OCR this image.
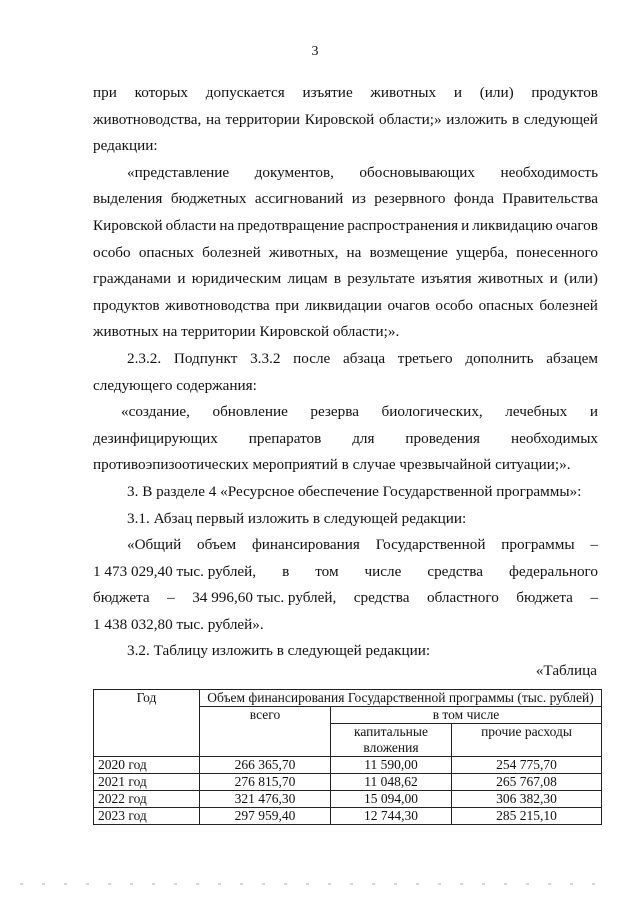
3
при которых допускается изъятие животных и (или) продуктов
животноводства, на территории Кировской области;» изложить в следующей
редакции:
«представление документов, обосновывающих необходимость
выделения бюджетных ассигнований из резервного фонда Правительства
Кировской области на предотвращение распространения и ликвидацию очагов
особо опасных болезней животных, на возмещение ущерба, понесенного
гражданами и юридическим лицам в результате изъятия животных и (или)
продуктов животноводства при ликвидации очагов особо опасных болезней
животных на территории Кировской области;».
2.3.2. Подпункт 3.3.2 после абзаца третьего дополнить абзацем
следующего содержания:
«создание, обновление резерва биологических, лечебных и
дезинфицирующих препаратов для проведения необходимых
противоэпизоотических мероприятий в случае чрезвычайной ситуации;».
3. В разделе 4 «Ресурсное обеспечение Государственной программы»:
3.1. Абзац первый изложить в следующей редакции:
«Общий объем финансирования Государственной программы –
1 473 029,40 тыс. рублей, в том числе средства федерального
бюджета – 34 996,60 тыс. рублей, средства областного бюджета –
1 438 032,80 тыс. рублей».
3.2. Таблицу изложить в следующей редакции:
«Таблица
Год	Объем финансирования Государственной программы (тыс. рублей)		
	всего	в том числе	
		капитальные вложения	прочие расходы
2020 год	266 365,70	11 590,00	254 775,70
2021 год	276 815,70	11 048,62	265 767,08
2022 год	321 476,30	15 094,00	306 382,30
2023 год	297 959,40	12 744,30	285 215,10
